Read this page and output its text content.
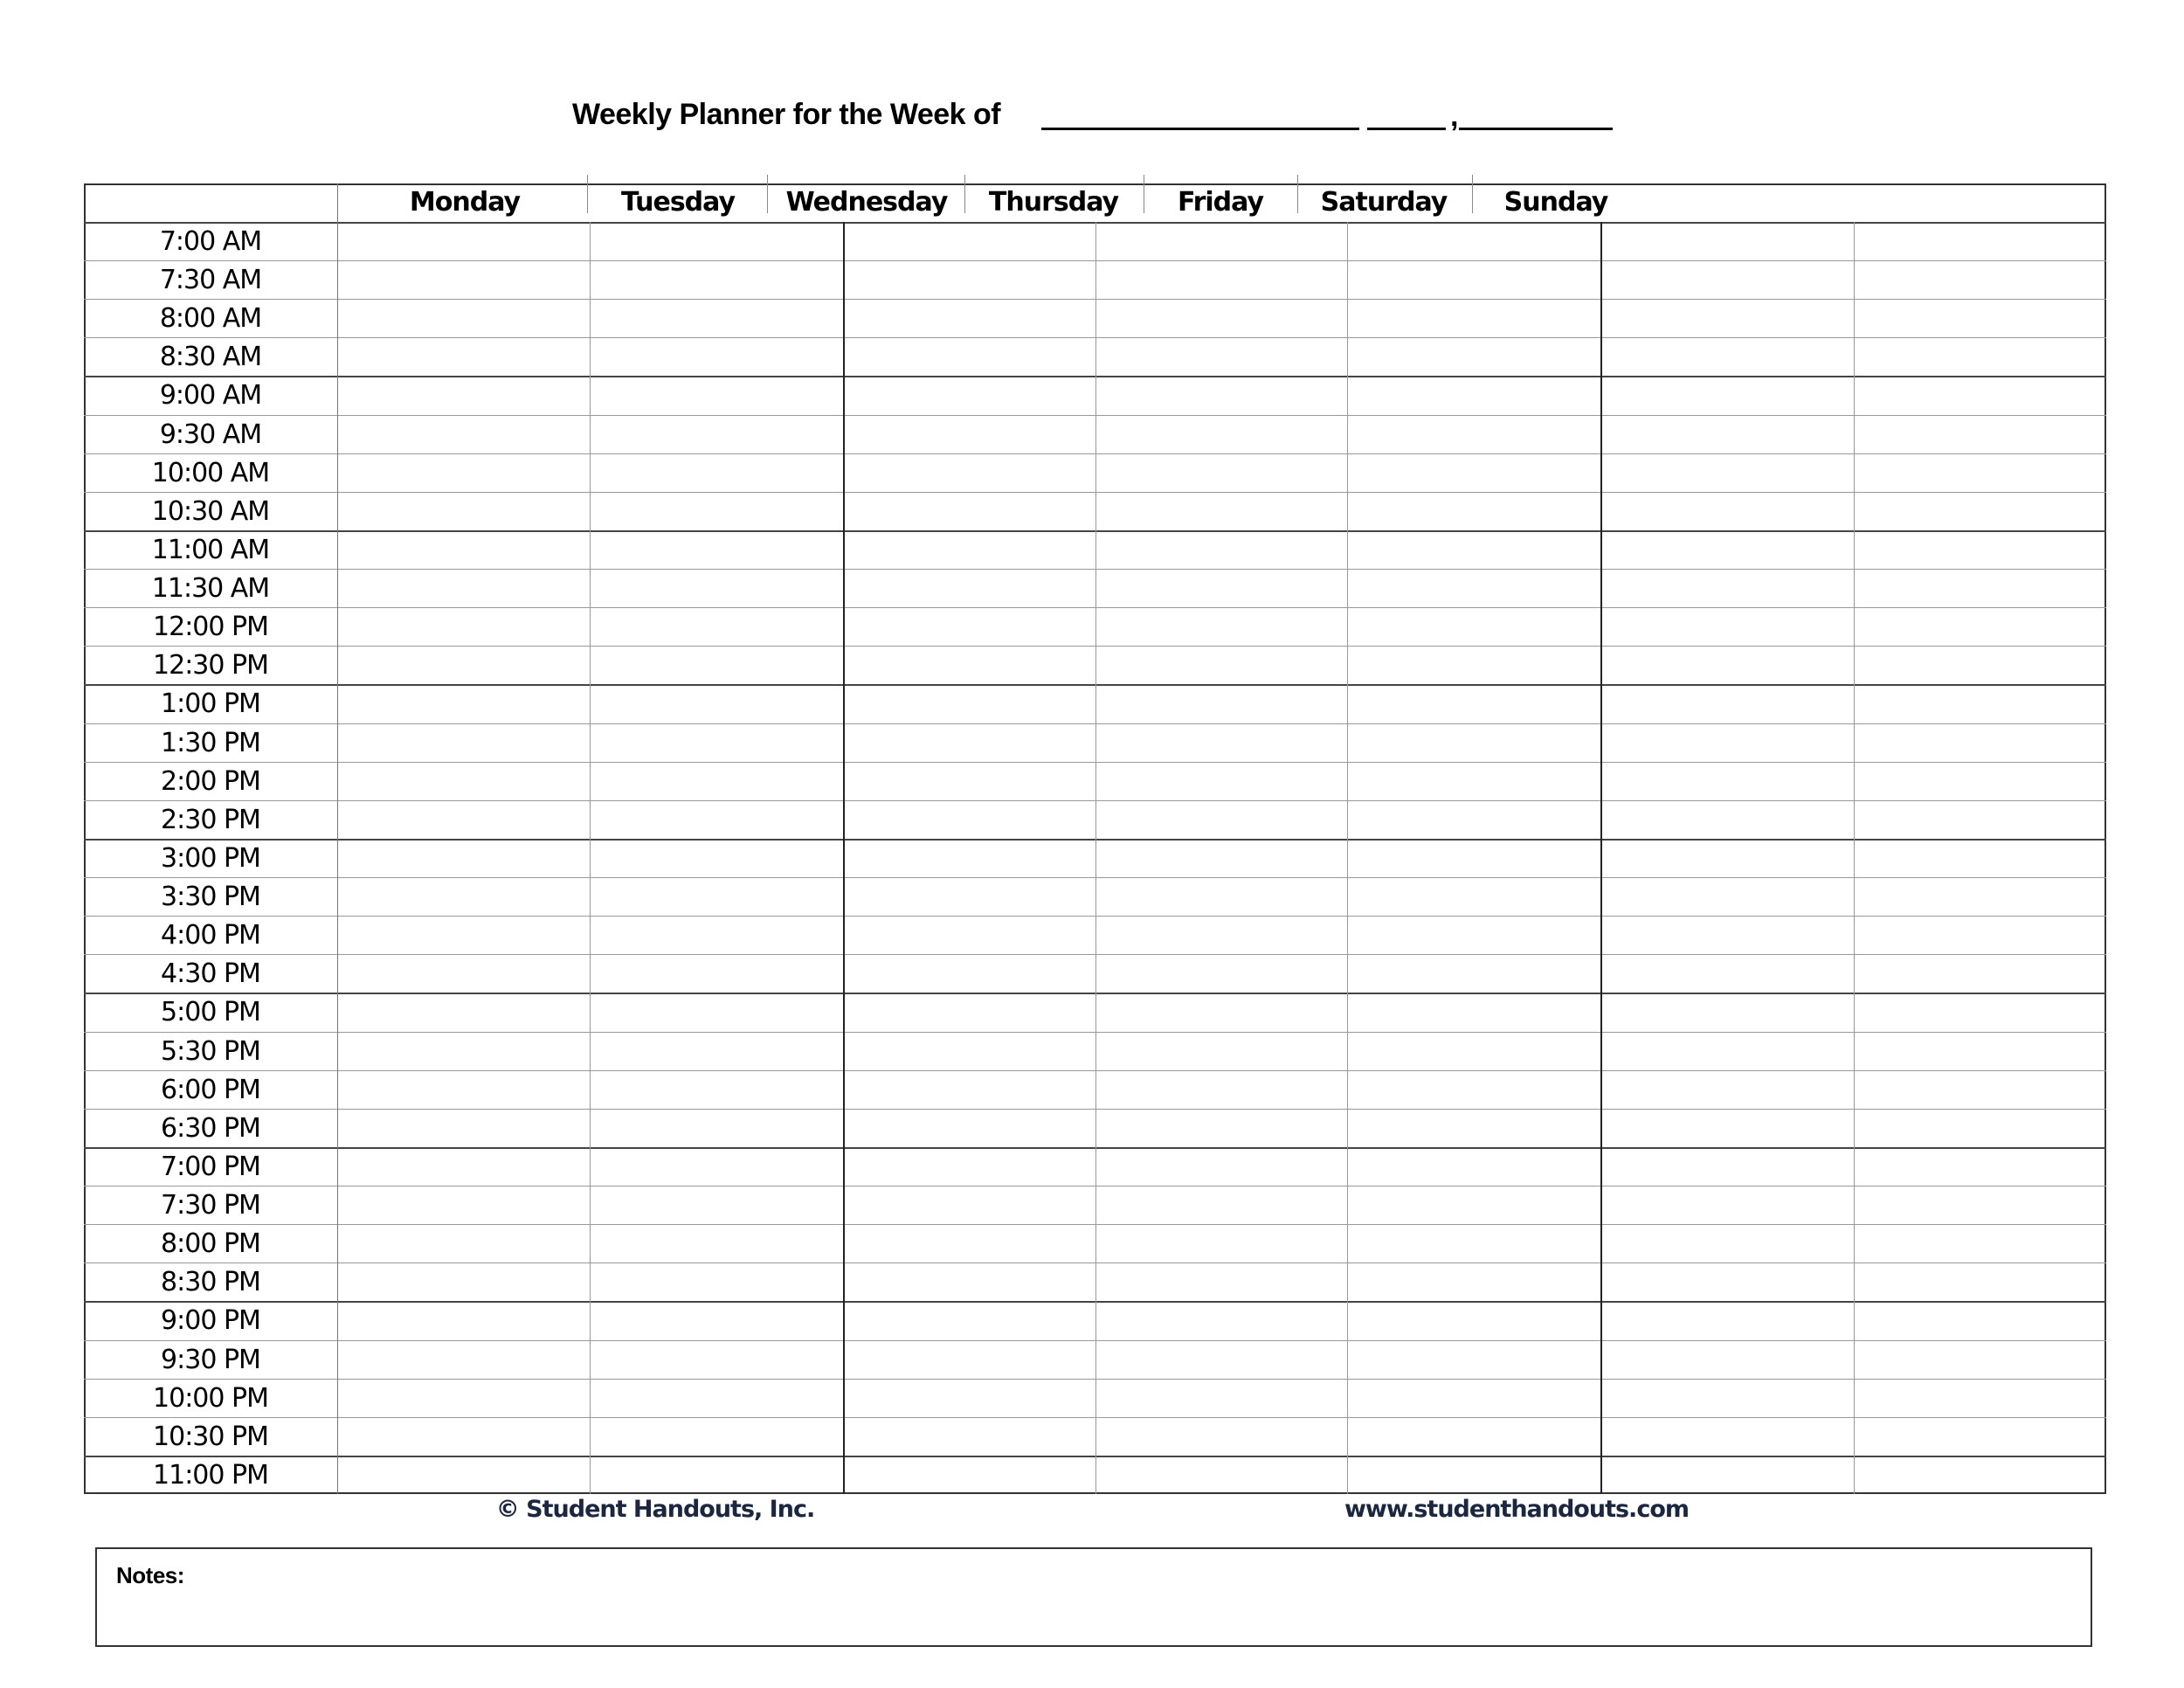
Weekly Planner for the Week of	,
Monday	Tuesday Wednesday Thursday Friday Saturday Sunday
7:00 AM
7:30 AM
8:00 AM
8:30 AM
9:00 AM
9:30 AM
10:00 AM
10:30 AM
11:00 AM
11:30 AM
12:00 PM
12:30 PM
1:00 PM
1:30 PM
2:00 PM
2:30 PM
3:00 PM
3:30 PM
4:00 PM
4:30 PM
5:00 PM
5:30 PM
6:00 PM
6:30 PM
7:00 PM
7:30 PM
8:00 PM
8:30 PM
9:00 PM
9:30 PM
10:00 PM
10:30 PM
11:00 PM
© Student Handouts, Inc.	www.studenthandouts.com
Notes:
